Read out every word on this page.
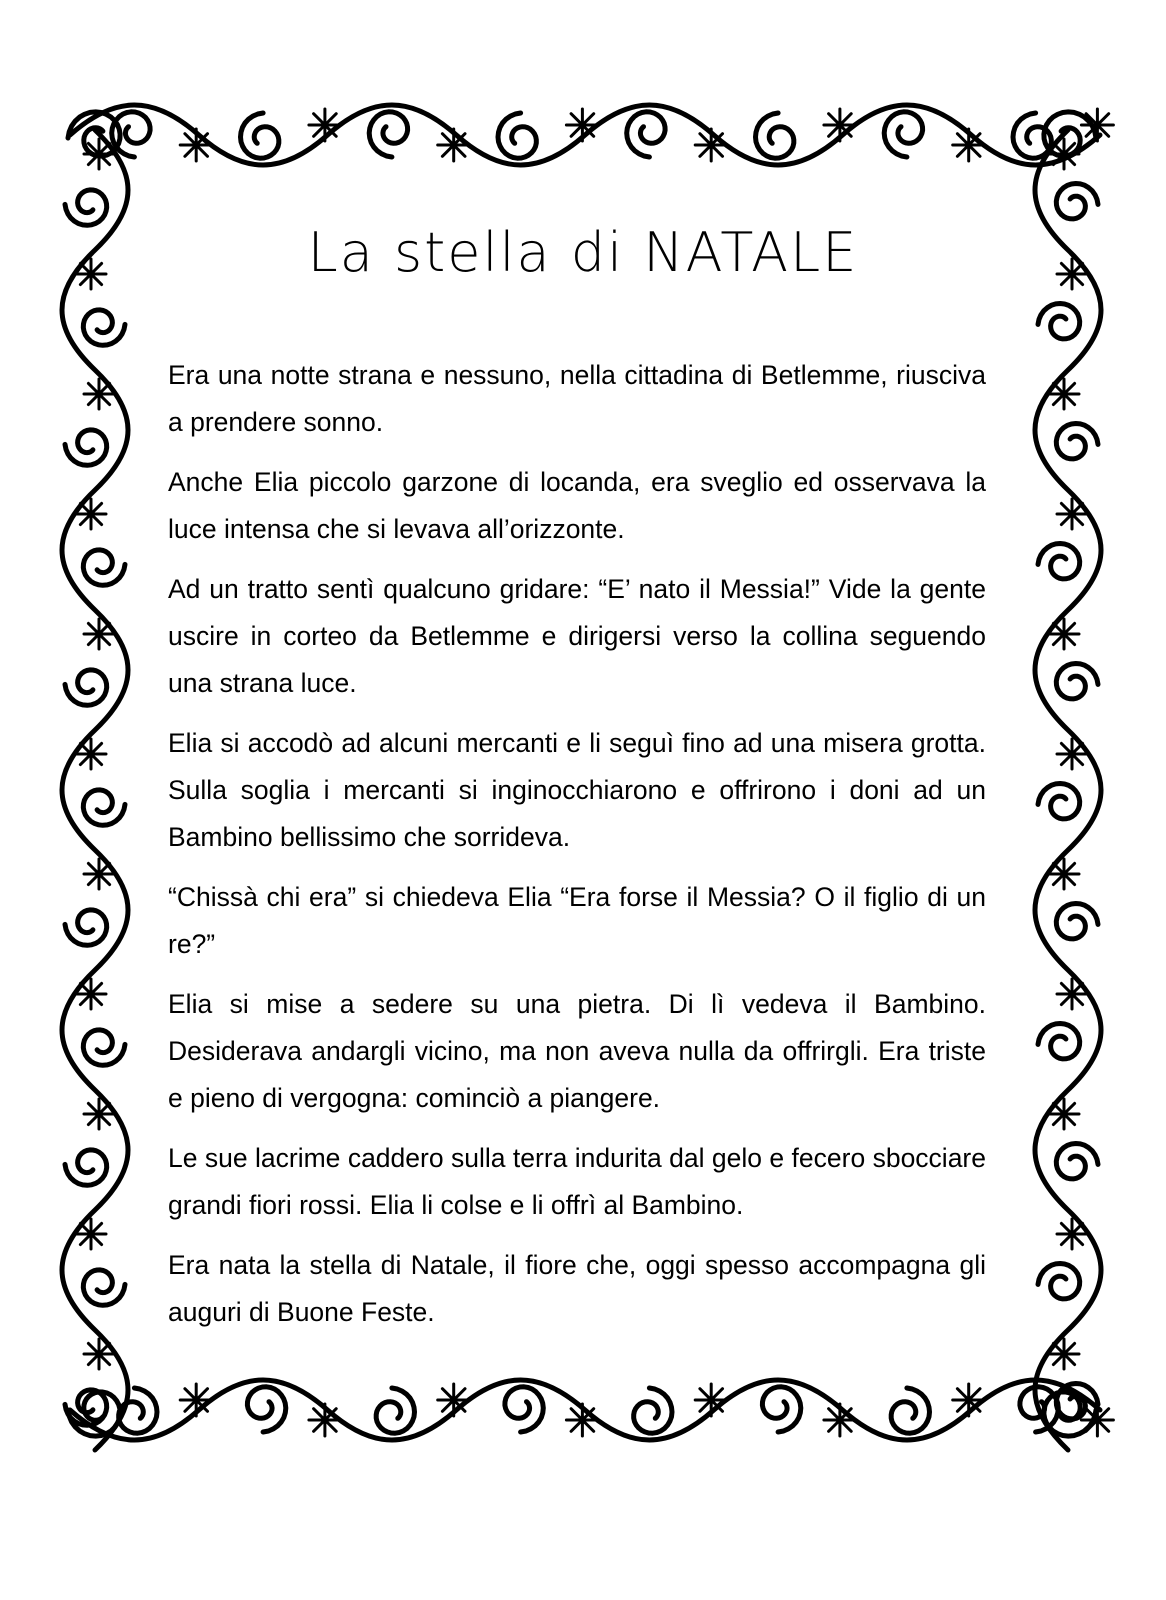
La stella di NATALE

Era una notte strana e nessuno, nella cittadina di Betlemme, riusciva a prendere sonno.

Anche Elia piccolo garzone di locanda, era sveglio ed osservava la luce intensa che si levava all’orizzonte.

Ad un tratto sentì qualcuno gridare: “E’ nato il Messia!” Vide la gente uscire in corteo da Betlemme e dirigersi verso la collina seguendo una strana luce.

Elia si accodò ad alcuni mercanti e li seguì fino ad una misera grotta. Sulla soglia i mercanti si inginocchiarono e offrirono i doni ad un Bambino bellissimo che sorrideva.

“Chissà chi era” si chiedeva Elia “Era forse il Messia? O il figlio di un re?”

Elia si mise a sedere su una pietra. Di lì vedeva il Bambino. Desiderava andargli vicino, ma non aveva nulla da offrirgli. Era triste e pieno di vergogna: cominciò a piangere.

Le sue lacrime caddero sulla terra indurita dal gelo e fecero sbocciare grandi fiori rossi. Elia li colse e li offrì al Bambino.

Era nata la stella di Natale, il fiore che, oggi spesso accompagna gli auguri di Buone Feste.
